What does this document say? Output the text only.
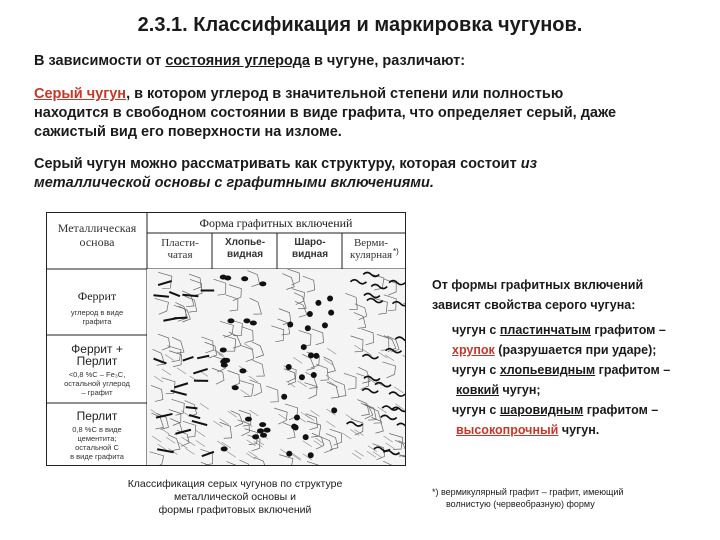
2.3.1. Классификация и маркировка чугунов.
В зависимости от состояния углерода в чугуне, различают:
Серый чугун, в котором углерод в значительной степени или полностью
находится в свободном состоянии в виде графита, что определяет серый, даже
сажистый вид его поверхности на изломе.
Серый чугун можно рассматривать как структуру, которая состоит из
металлической основы с графитными включениями.
Металлическая
основа
Форма графитных включений
Пласти-
чатая
Хлопье-
видная
Шаро-
видная
Верми-
кулярная *)
Феррит
углерод в виде
графита
Феррит +
Перлит
<0,8 %С – Fe₃C,
остальной углерод
– графит
Перлит
0,8 %С в виде
цементита;
остальной С
в виде графита
Классификация серых чугунов по структуре
металлической основы и
формы графитовых включений
От формы графитных включений
зависят свойства серого чугуна:
чугун с пластинчатым графитом –
хрупок (разрушается при ударе);
чугун с хлопьевидным графитом –
ковкий чугун;
чугун с шаровидным графитом –
высокопрочный чугун.
*) вермикулярный графит – графит, имеющий
волнистую (червеобразную) форму
